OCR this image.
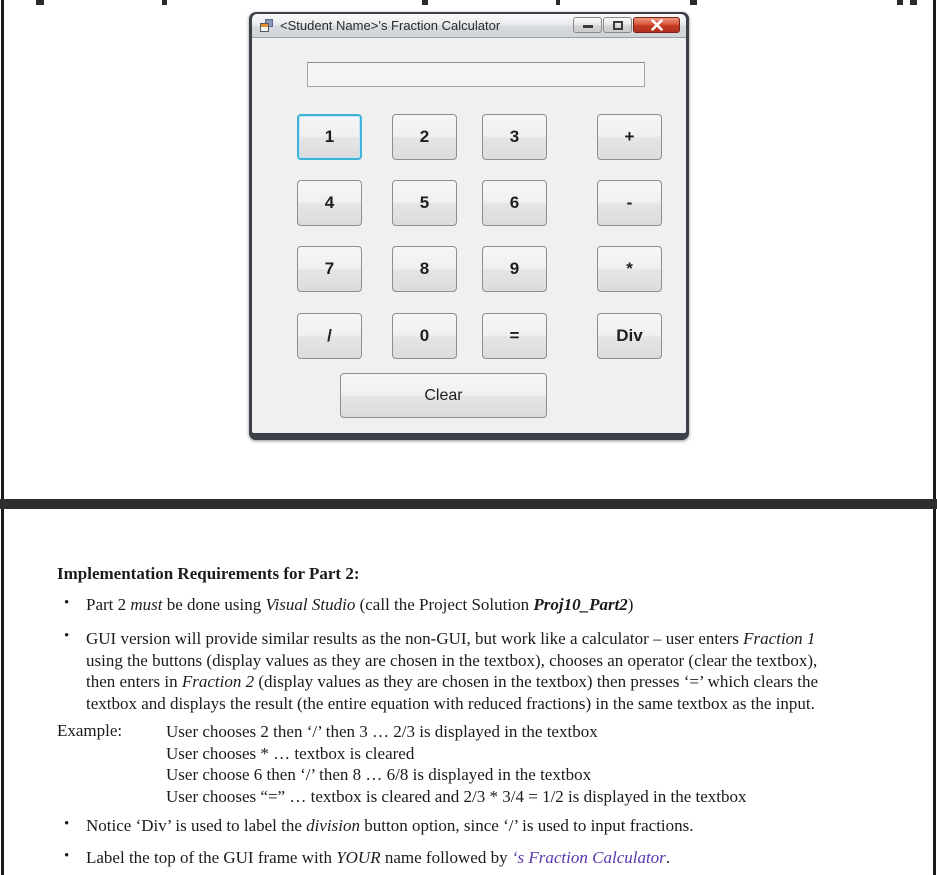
<Student Name>’s Fraction Calculator
1	2	3	+
4	5	6	-
7	8	9	*
/	0	=	Div
Clear
Implementation Requirements for Part 2:
• Part 2 must be done using Visual Studio (call the Project Solution Proj10_Part2)
• GUI version will provide similar results as the non-GUI, but work like a calculator – user enters Fraction 1
using the buttons (display values as they are chosen in the textbox), chooses an operator (clear the textbox),
then enters in Fraction 2 (display values as they are chosen in the textbox) then presses ‘=’ which clears the
textbox and displays the result (the entire equation with reduced fractions) in the same textbox as the input.
Example:	User chooses 2 then ‘/’ then 3 … 2/3 is displayed in the textbox
User chooses * … textbox is cleared
User choose 6 then ‘/’ then 8 … 6/8 is displayed in the textbox
User chooses “=” … textbox is cleared and 2/3 * 3/4 = 1/2 is displayed in the textbox
• Notice ‘Div’ is used to label the division button option, since ‘/’ is used to input fractions.
• Label the top of the GUI frame with YOUR name followed by ‘s Fraction Calculator.
